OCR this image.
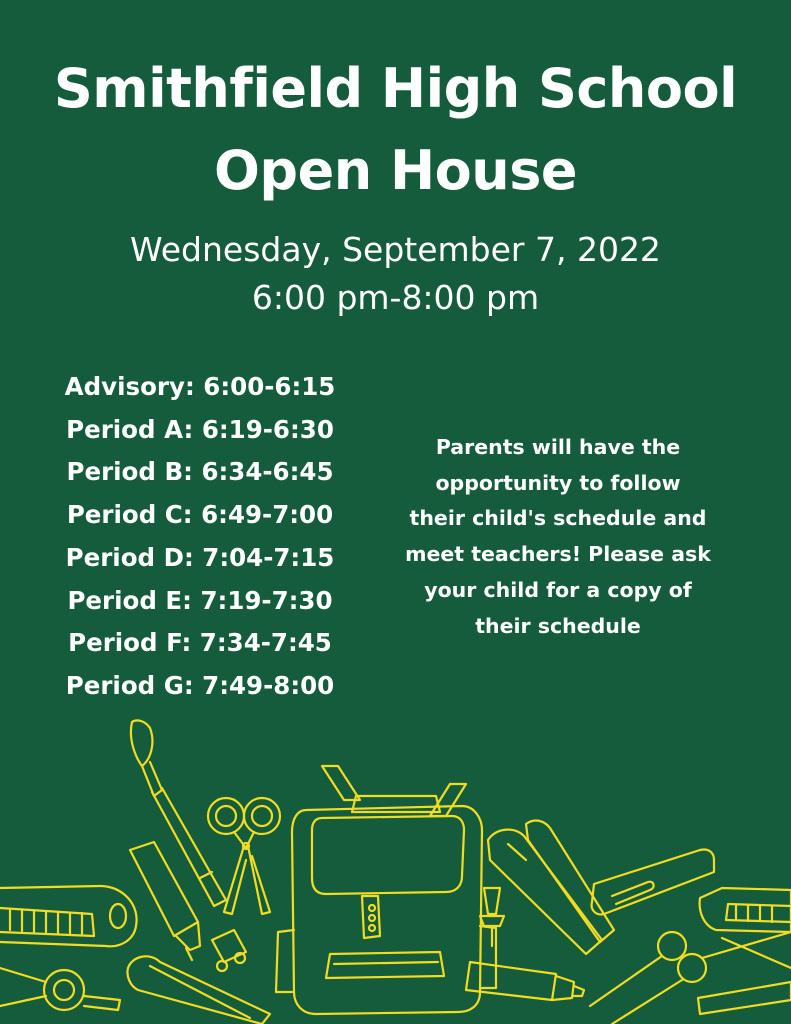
Smithfield High School
Open House
Wednesday, September 7, 2022
6:00 pm-8:00 pm
Advisory: 6:00-6:15
Period A: 6:19-6:30
Period B: 6:34-6:45
Period C: 6:49-7:00
Period D: 7:04-7:15
Period E: 7:19-7:30
Period F: 7:34-7:45
Period G: 7:49-8:00
Parents will have the
opportunity to follow
their child's schedule and
meet teachers! Please ask
your child for a copy of
their schedule
